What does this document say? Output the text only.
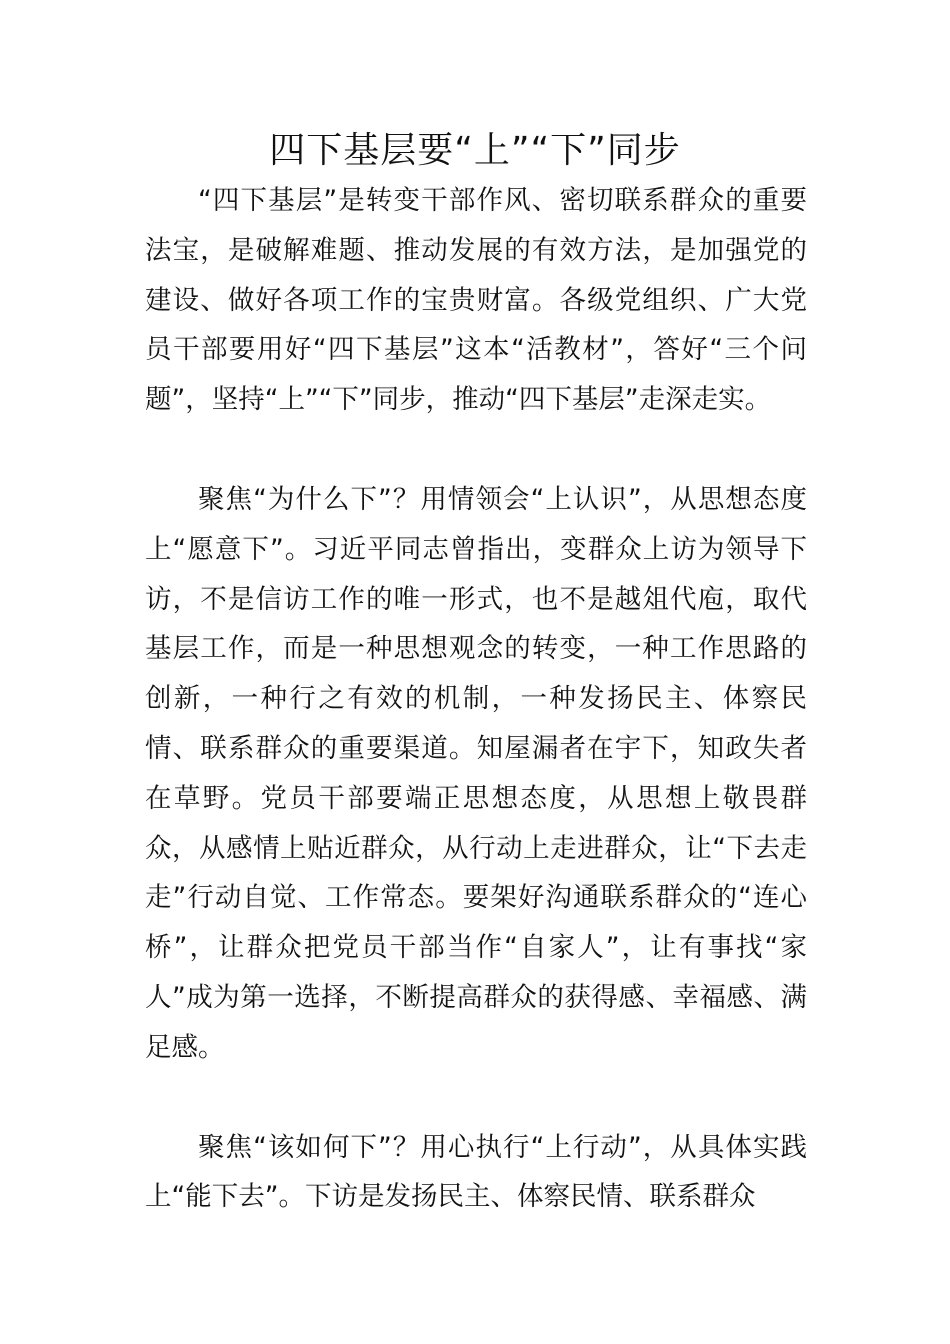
四下基层要“上”“下”同步

“四下基层”是转变干部作风、密切联系群众的重要法宝，是破解难题、推动发展的有效方法，是加强党的建设、做好各项工作的宝贵财富。各级党组织、广大党员干部要用好“四下基层”这本“活教材”，答好“三个问题”，坚持“上”“下”同步，推动“四下基层”走深走实。

聚焦“为什么下”？用情领会“上认识”，从思想态度上“愿意下”。习近平同志曾指出，变群众上访为领导下访，不是信访工作的唯一形式，也不是越俎代庖，取代基层工作，而是一种思想观念的转变，一种工作思路的创新，一种行之有效的机制，一种发扬民主、体察民情、联系群众的重要渠道。知屋漏者在宇下，知政失者在草野。党员干部要端正思想态度，从思想上敬畏群众，从感情上贴近群众，从行动上走进群众，让“下去走走”行动自觉、工作常态。要架好沟通联系群众的“连心桥”，让群众把党员干部当作“自家人”，让有事找“家人”成为第一选择，不断提高群众的获得感、幸福感、满足感。

聚焦“该如何下”？用心执行“上行动”，从具体实践上“能下去”。下访是发扬民主、体察民情、联系群众
